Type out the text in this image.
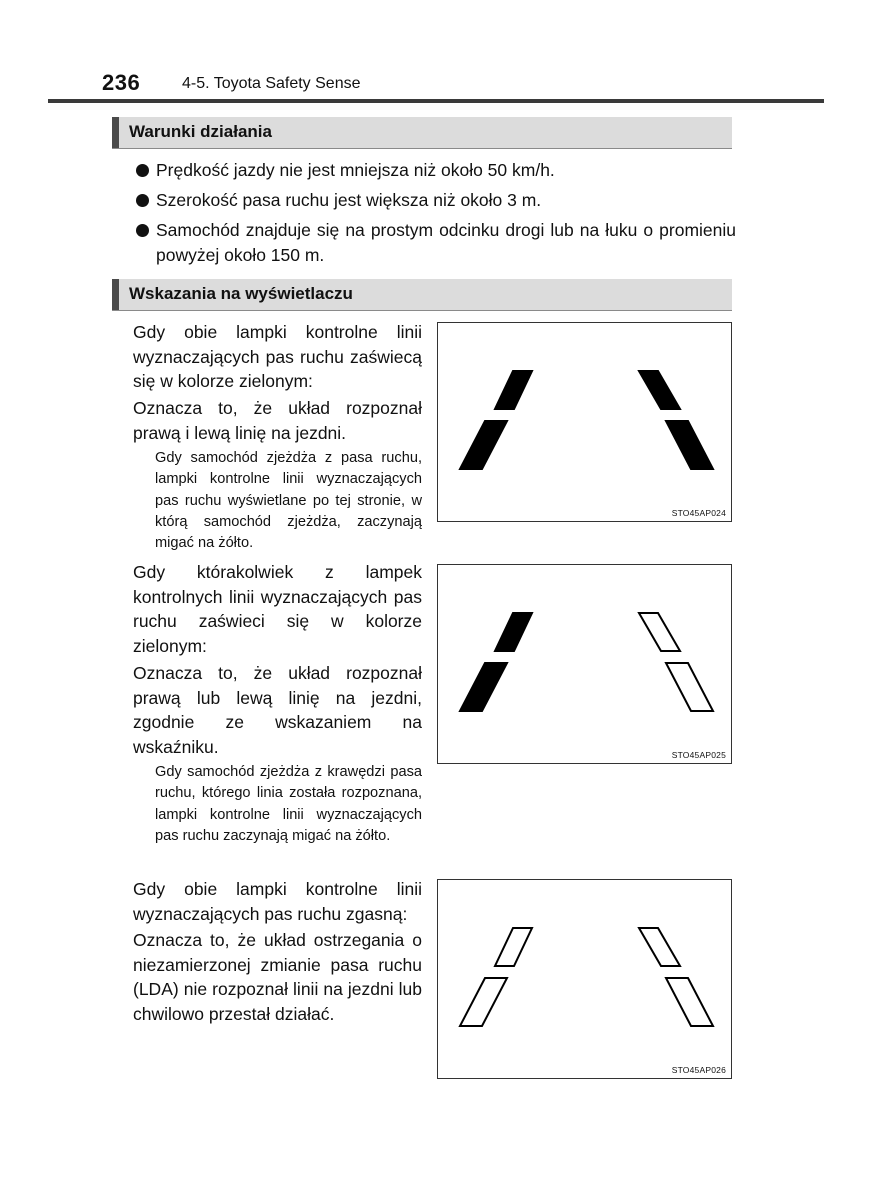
236	4-5. Toyota Safety Sense
Warunki działania
Prędkość jazdy nie jest mniejsza niż około 50 km/h.
Szerokość pasa ruchu jest większa niż około 3 m.
Samochód znajduje się na prostym odcinku drogi lub na łuku o promieniu powyżej około 150 m.
Wskazania na wyświetlaczu

Gdy obie lampki kontrolne linii wyznaczających pas ruchu zaświecą się w kolorze zielonym:

Oznacza to, że układ rozpoznał prawą i lewą linię na jezdni.

Gdy samochód zjeżdża z pasa ruchu, lampki kontrolne linii wyznaczających pas ruchu wyświetlane po tej stronie, w którą samochód zjeżdża, zaczynają migać na żółto.

STO45AP024

Gdy którakolwiek z lampek kontrolnych linii wyznaczających pas ruchu zaświeci się w kolorze zielonym:

Oznacza to, że układ rozpoznał prawą lub lewą linię na jezdni, zgodnie ze wskazaniem na wskaźniku.

Gdy samochód zjeżdża z krawędzi pasa ruchu, którego linia została rozpoznana, lampki kontrolne linii wyznaczających pas ruchu zaczynają migać na żółto.

STO45AP025

Gdy obie lampki kontrolne linii wyznaczających pas ruchu zgasną:

Oznacza to, że układ ostrzegania o niezamierzonej zmianie pasa ruchu (LDA) nie rozpoznał linii na jezdni lub chwilowo przestał działać.

STO45AP026
